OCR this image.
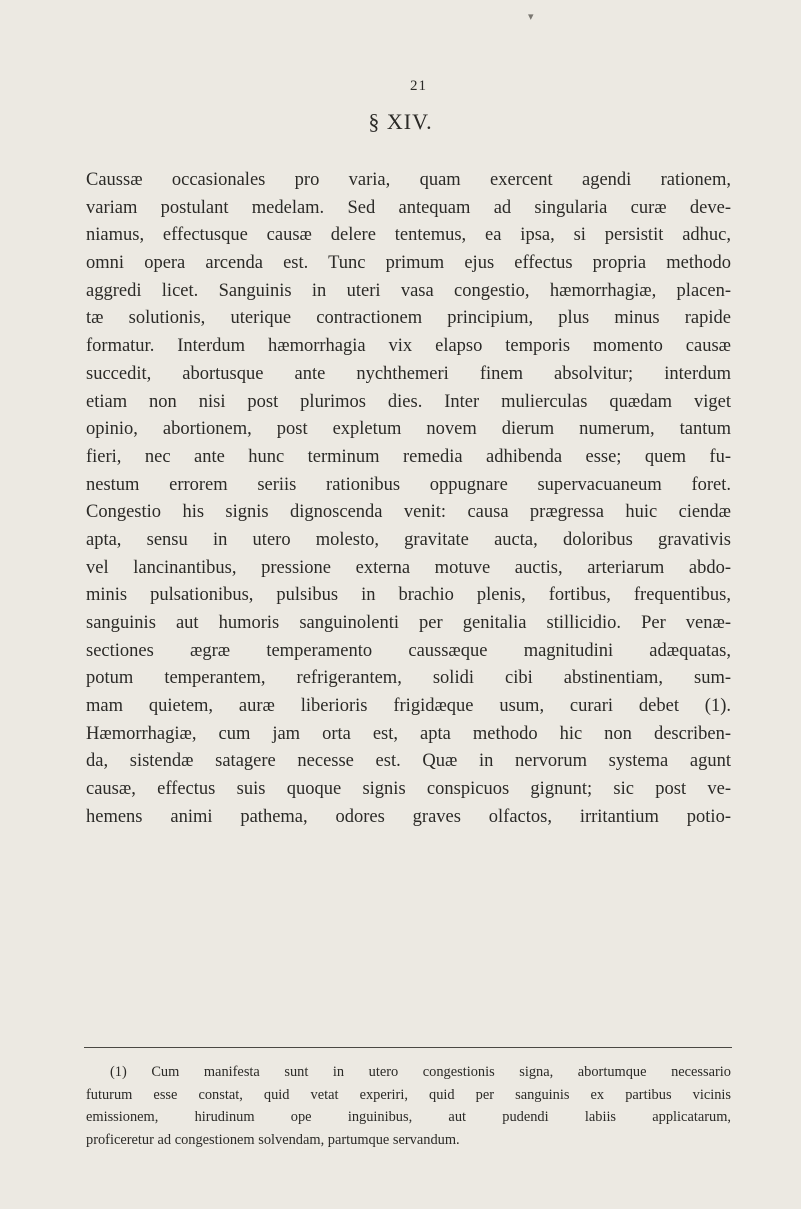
▾
21
§ XIV.
Caussæ occasionales pro varia, quam exercent agendi rationem,
variam postulant medelam. Sed antequam ad singularia curæ deve-
niamus, effectusque causæ delere tentemus, ea ipsa, si persistit adhuc,
omni opera arcenda est. Tunc primum ejus effectus propria methodo
aggredi licet. Sanguinis in uteri vasa congestio, hæmorrhagiæ, placen-
tæ solutionis, uterique contractionem principium, plus minus rapide
formatur. Interdum hæmorrhagia vix elapso temporis momento causæ
succedit, abortusque ante nychthemeri finem absolvitur; interdum
etiam non nisi post plurimos dies. Inter mulierculas quædam viget
opinio, abortionem, post expletum novem dierum numerum, tantum
fieri, nec ante hunc terminum remedia adhibenda esse; quem fu-
nestum errorem seriis rationibus oppugnare supervacuaneum foret.
Congestio his signis dignoscenda venit: causa prægressa huic ciendæ
apta, sensu in utero molesto, gravitate aucta, doloribus gravativis
vel lancinantibus, pressione externa motuve auctis, arteriarum abdo-
minis pulsationibus, pulsibus in brachio plenis, fortibus, frequentibus,
sanguinis aut humoris sanguinolenti per genitalia stillicidio. Per venæ-
sectiones ægræ temperamento caussæque magnitudini adæquatas,
potum temperantem, refrigerantem, solidi cibi abstinentiam, sum-
mam quietem, auræ liberioris frigidæque usum, curari debet (1).
Hæmorrhagiæ, cum jam orta est, apta methodo hic non describen-
da, sistendæ satagere necesse est. Quæ in nervorum systema agunt
causæ, effectus suis quoque signis conspicuos gignunt; sic post ve-
hemens animi pathema, odores graves olfactos, irritantium potio-
(1) Cum manifesta sunt in utero congestionis signa, abortumque necessario
futurum esse constat, quid vetat experiri, quid per sanguinis ex partibus vicinis
emissionem, hirudinum ope inguinibus, aut pudendi labiis applicatarum,
proficeretur ad congestionem solvendam, partumque servandum.
